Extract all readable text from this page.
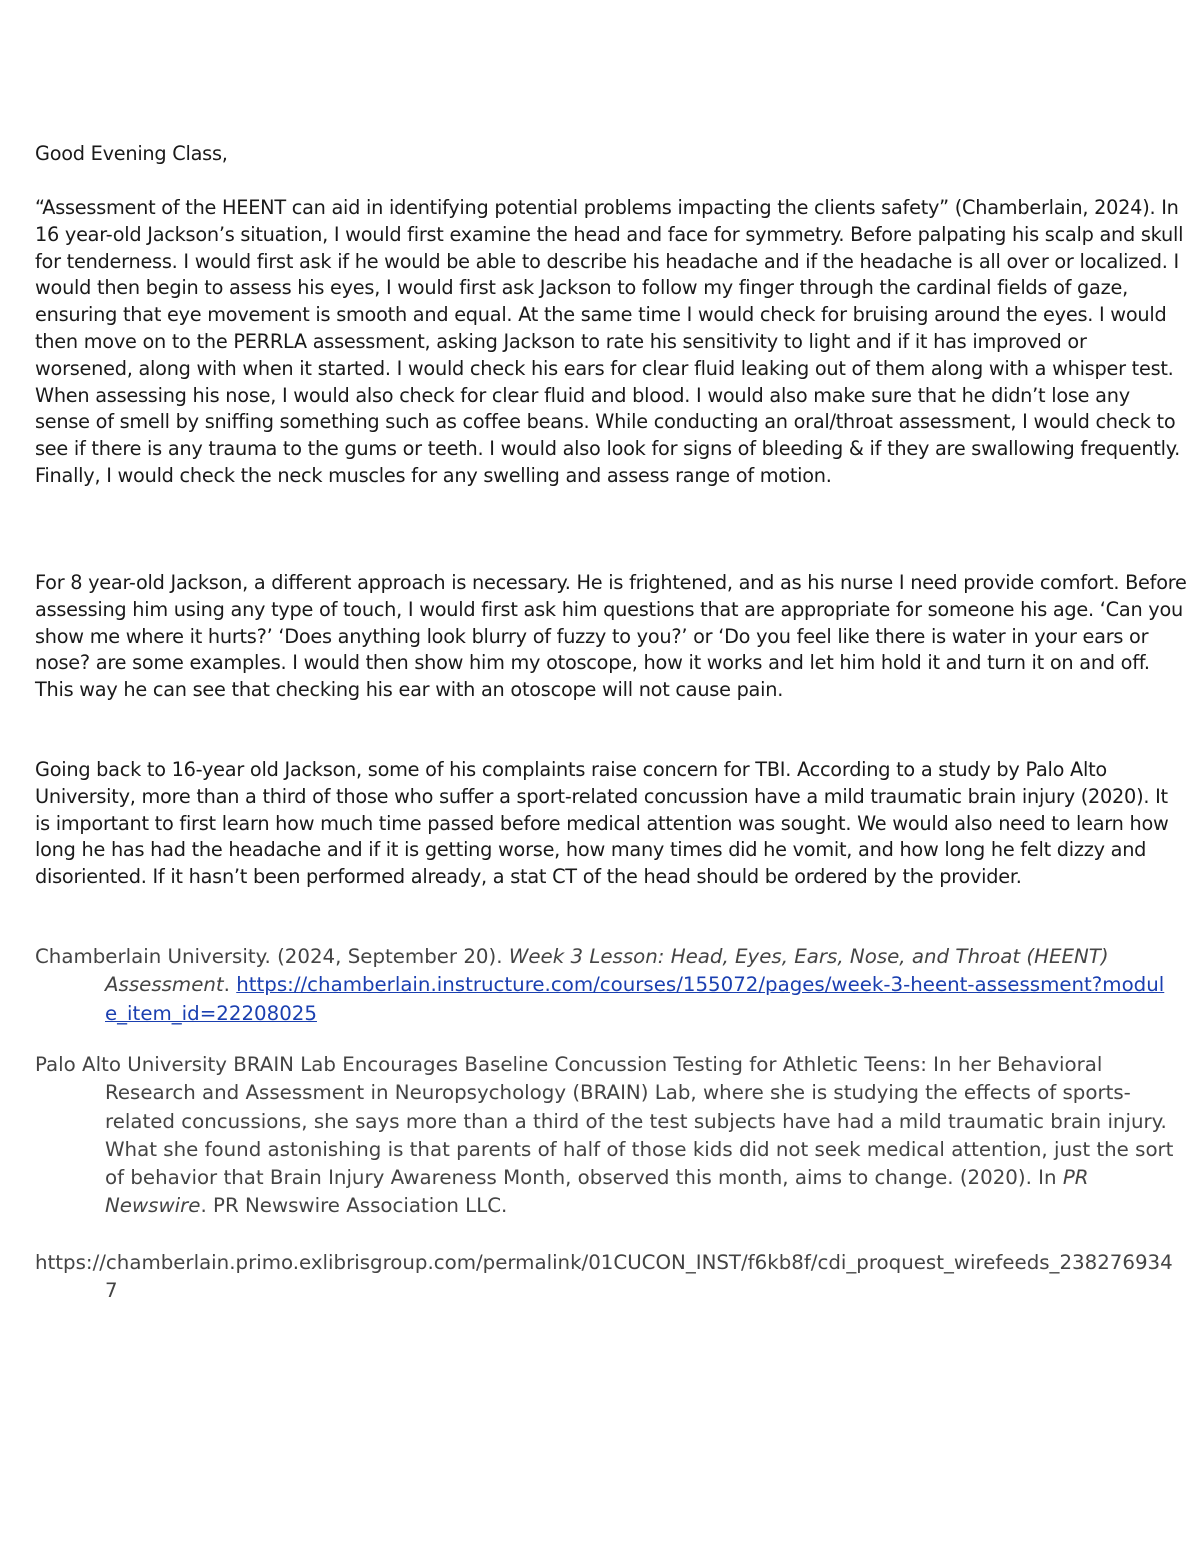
Good Evening Class,

“Assessment of the HEENT can aid in identifying potential problems impacting the clients safety” (Chamberlain, 2024). In 16 year-old Jackson’s situation, I would first examine the head and face for symmetry. Before palpating his scalp and skull for tenderness. I would first ask if he would be able to describe his headache and if the headache is all over or localized. I would then begin to assess his eyes, I would first ask Jackson to follow my finger through the cardinal fields of gaze, ensuring that eye movement is smooth and equal. At the same time I would check for bruising around the eyes. I would then move on to the PERRLA assessment, asking Jackson to rate his sensitivity to light and if it has improved or worsened, along with when it started. I would check his ears for clear fluid leaking out of them along with a whisper test. When assessing his nose, I would also check for clear fluid and blood. I would also make sure that he didn’t lose any sense of smell by sniffing something such as coffee beans. While conducting an oral/throat assessment, I would check to see if there is any trauma to the gums or teeth. I would also look for signs of bleeding & if they are swallowing frequently. Finally, I would check the neck muscles for any swelling and assess range of motion.

For 8 year-old Jackson, a different approach is necessary. He is frightened, and as his nurse I need provide comfort. Before assessing him using any type of touch, I would first ask him questions that are appropriate for someone his age. ‘Can you show me where it hurts?’ ‘Does anything look blurry of fuzzy to you?’ or ‘Do you feel like there is water in your ears or nose? are some examples. I would then show him my otoscope, how it works and let him hold it and turn it on and off. This way he can see that checking his ear with an otoscope will not cause pain.

Going back to 16-year old Jackson, some of his complaints raise concern for TBI. According to a study by Palo Alto University, more than a third of those who suffer a sport-related concussion have a mild traumatic brain injury (2020). It is important to first learn how much time passed before medical attention was sought. We would also need to learn how long he has had the headache and if it is getting worse, how many times did he vomit, and how long he felt dizzy and disoriented. If it hasn’t been performed already, a stat CT of the head should be ordered by the provider.

Chamberlain University. (2024, September 20). Week 3 Lesson: Head, Eyes, Ears, Nose, and Throat (HEENT) Assessment. https://chamberlain.instructure.com/courses/155072/pages/week-3-heent-assessment?module_item_id=22208025

Palo Alto University BRAIN Lab Encourages Baseline Concussion Testing for Athletic Teens: In her Behavioral Research and Assessment in Neuropsychology (BRAIN) Lab, where she is studying the effects of sports-related concussions, she says more than a third of the test subjects have had a mild traumatic brain injury. What she found astonishing is that parents of half of those kids did not seek medical attention, just the sort of behavior that Brain Injury Awareness Month, observed this month, aims to change. (2020). In PR Newswire. PR Newswire Association LLC.

https://chamberlain.primo.exlibrisgroup.com/permalink/01CUCON_INST/f6kb8f/cdi_proquest_wirefeeds_2382769347
